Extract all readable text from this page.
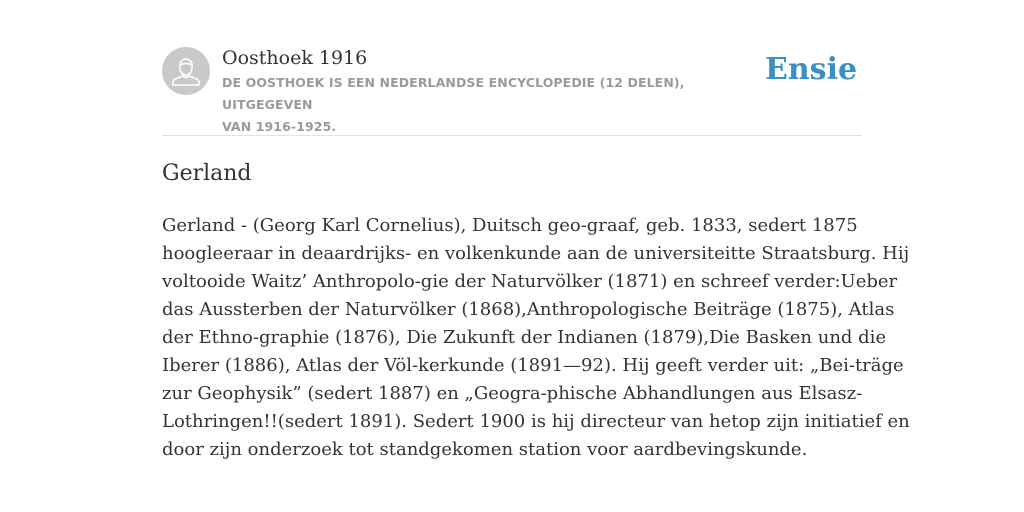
Oosthoek 1916
DE OOSTHOEK IS EEN NEDERLANDSE ENCYCLOPEDIE (12 DELEN), UITGEGEVEN
VAN 1916-1925.
Ensie
Gerland
Gerland - (Georg Karl Cornelius), Duitsch geo-graaf, geb. 1833, sedert 1875
hoogleeraar in deaardrijks- en volkenkunde aan de universiteitte Straatsburg. Hij
voltooide Waitz’ Anthropolo-gie der Naturvölker (1871) en schreef verder:Ueber
das Aussterben der Naturvölker (1868),Anthropologische Beiträge (1875), Atlas
der Ethno-graphie (1876), Die Zukunft der Indianen (1879),Die Basken und die
Iberer (1886), Atlas der Völ-kerkunde (1891—92). Hij geeft verder uit: „Bei-träge
zur Geophysik” (sedert 1887) en „Geogra-phische Abhandlungen aus Elsasz-
Lothringen!!(sedert 1891). Sedert 1900 is hij directeur van hetop zijn initiatief en
door zijn onderzoek tot standgekomen station voor aardbevingskunde.
